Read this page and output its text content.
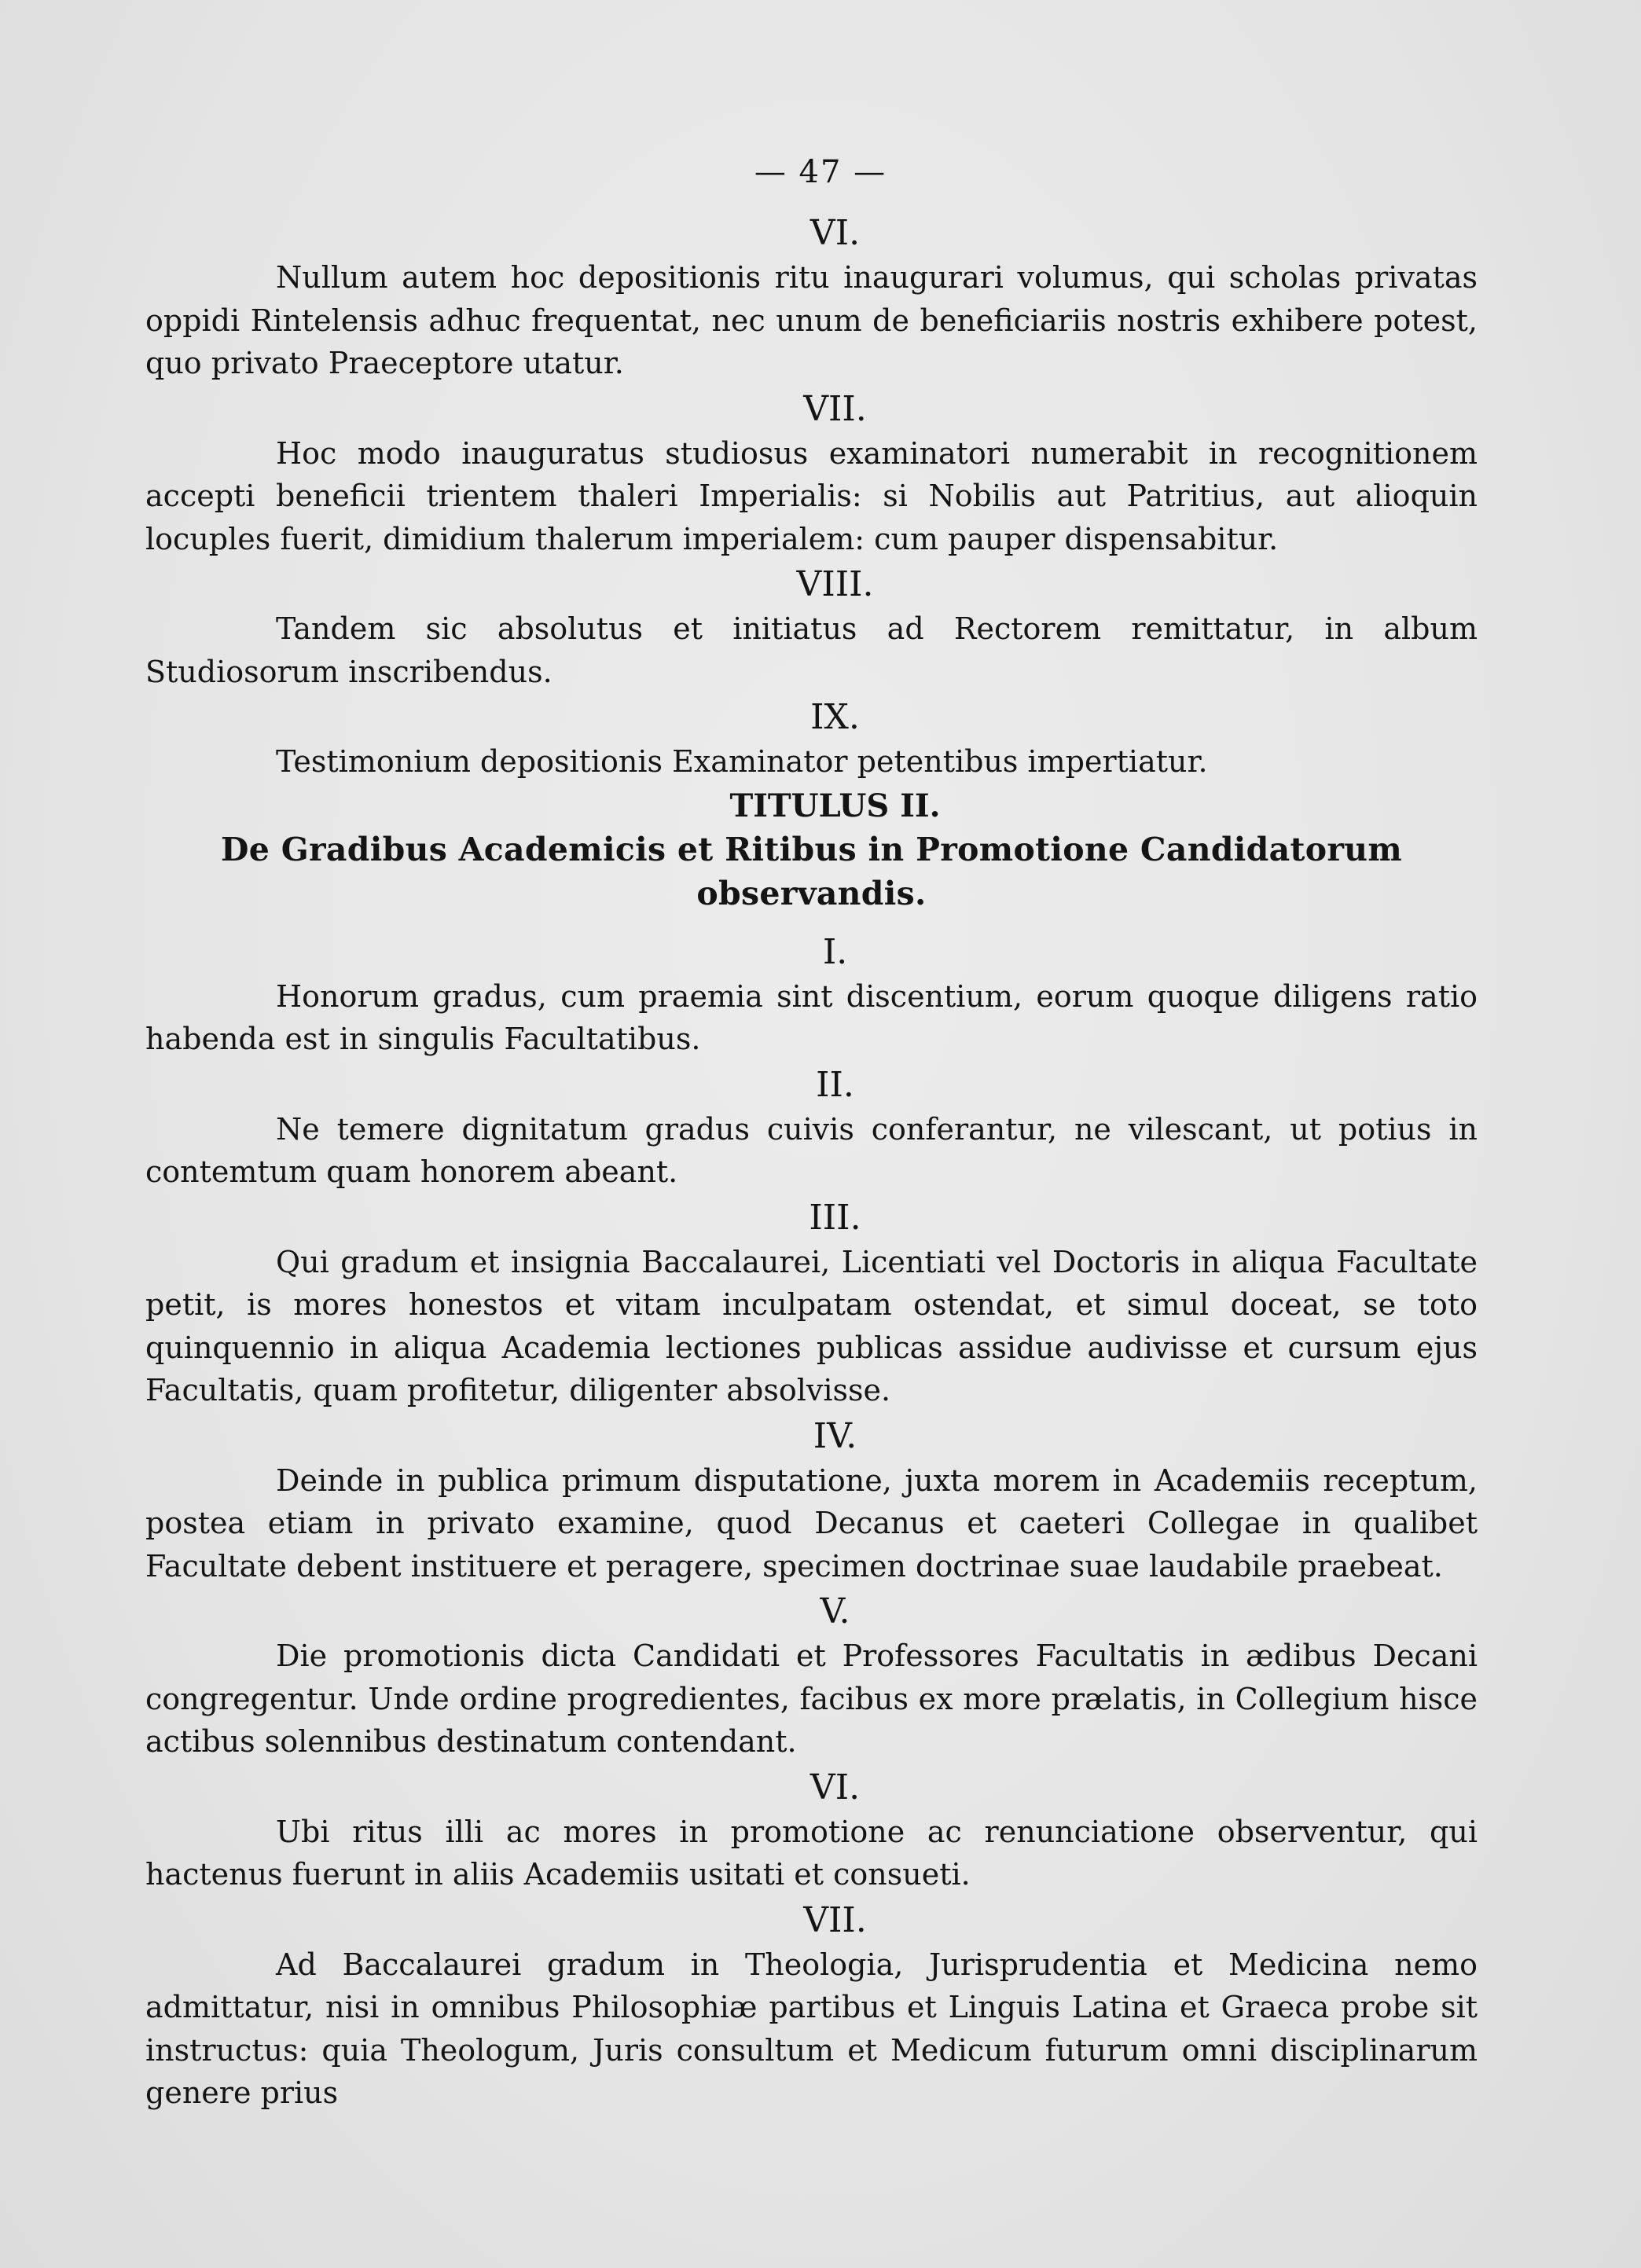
— 47 —
VI.

Nullum autem hoc depositionis ritu inaugurari volumus, qui scholas privatas oppidi Rintelensis adhuc frequentat, nec unum de beneficiariis nostris exhibere potest, quo privato Praeceptore utatur.

VII.

Hoc modo inauguratus studiosus examinatori numerabit in recognitionem accepti beneficii trientem thaleri Imperialis: si Nobilis aut Patritius, aut alioquin locuples fuerit, dimidium thalerum imperialem: cum pauper dispensabitur.

VIII.

Tandem sic absolutus et initiatus ad Rectorem remittatur, in album Studiosorum inscribendus.

IX.

Testimonium depositionis Examinator petentibus impertiatur.

TITULUS II.
De Gradibus Academicis et Ritibus in Promotione Candidatorum observandis.
I.

Honorum gradus, cum praemia sint discentium, eorum quoque diligens ratio habenda est in singulis Facultatibus.

II.

Ne temere dignitatum gradus cuivis conferantur, ne vilescant, ut potius in contemtum quam honorem abeant.

III.

Qui gradum et insignia Baccalaurei, Licentiati vel Doctoris in aliqua Facultate petit, is mores honestos et vitam inculpatam ostendat, et simul doceat, se toto quinquennio in aliqua Academia lectiones publicas assidue audivisse et cursum ejus Facultatis, quam profitetur, diligenter absolvisse.

IV.

Deinde in publica primum disputatione, juxta morem in Academiis receptum, postea etiam in privato examine, quod Decanus et caeteri Collegae in qualibet Facultate debent instituere et peragere, specimen doctrinae suae laudabile praebeat.

V.

Die promotionis dicta Candidati et Professores Facultatis in ædibus Decani congregentur. Unde ordine progredientes, facibus ex more prælatis, in Collegium hisce actibus solennibus destinatum contendant.

VI.

Ubi ritus illi ac mores in promotione ac renunciatione observentur, qui hactenus fuerunt in aliis Academiis usitati et consueti.

VII.

Ad Baccalaurei gradum in Theologia, Jurisprudentia et Medicina nemo admittatur, nisi in omnibus Philosophiæ partibus et Linguis Latina et Graeca probe sit instructus: quia Theologum, Juris consultum et Medicum futurum omni disciplinarum genere prius
